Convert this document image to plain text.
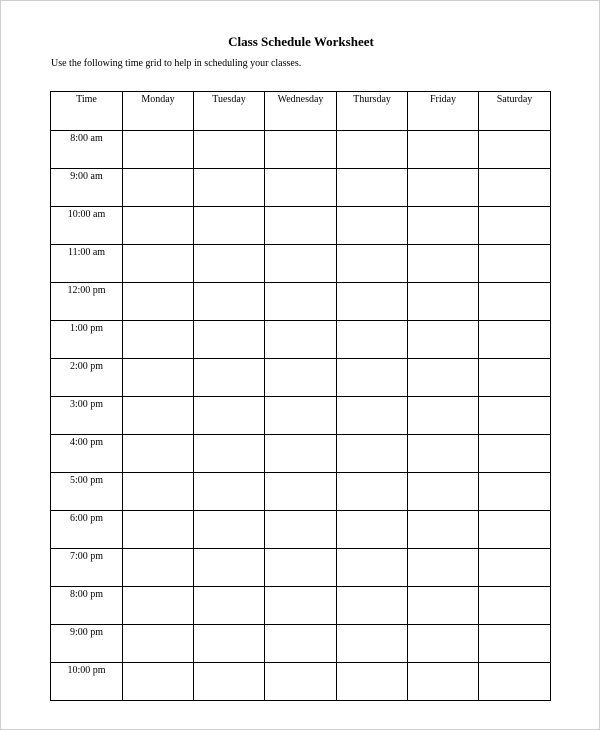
Class Schedule Worksheet
Use the following time grid to help in scheduling your classes.
Time	Monday	Tuesday	Wednesday	Thursday	Friday	Saturday

8:00 am						

9:00 am						

10:00 am						

11:00 am						

12:00 pm						

1:00 pm						

2:00 pm						

3:00 pm						

4:00 pm						

5:00 pm						

6:00 pm						

7:00 pm						

8:00 pm						

9:00 pm						

10:00 pm						
